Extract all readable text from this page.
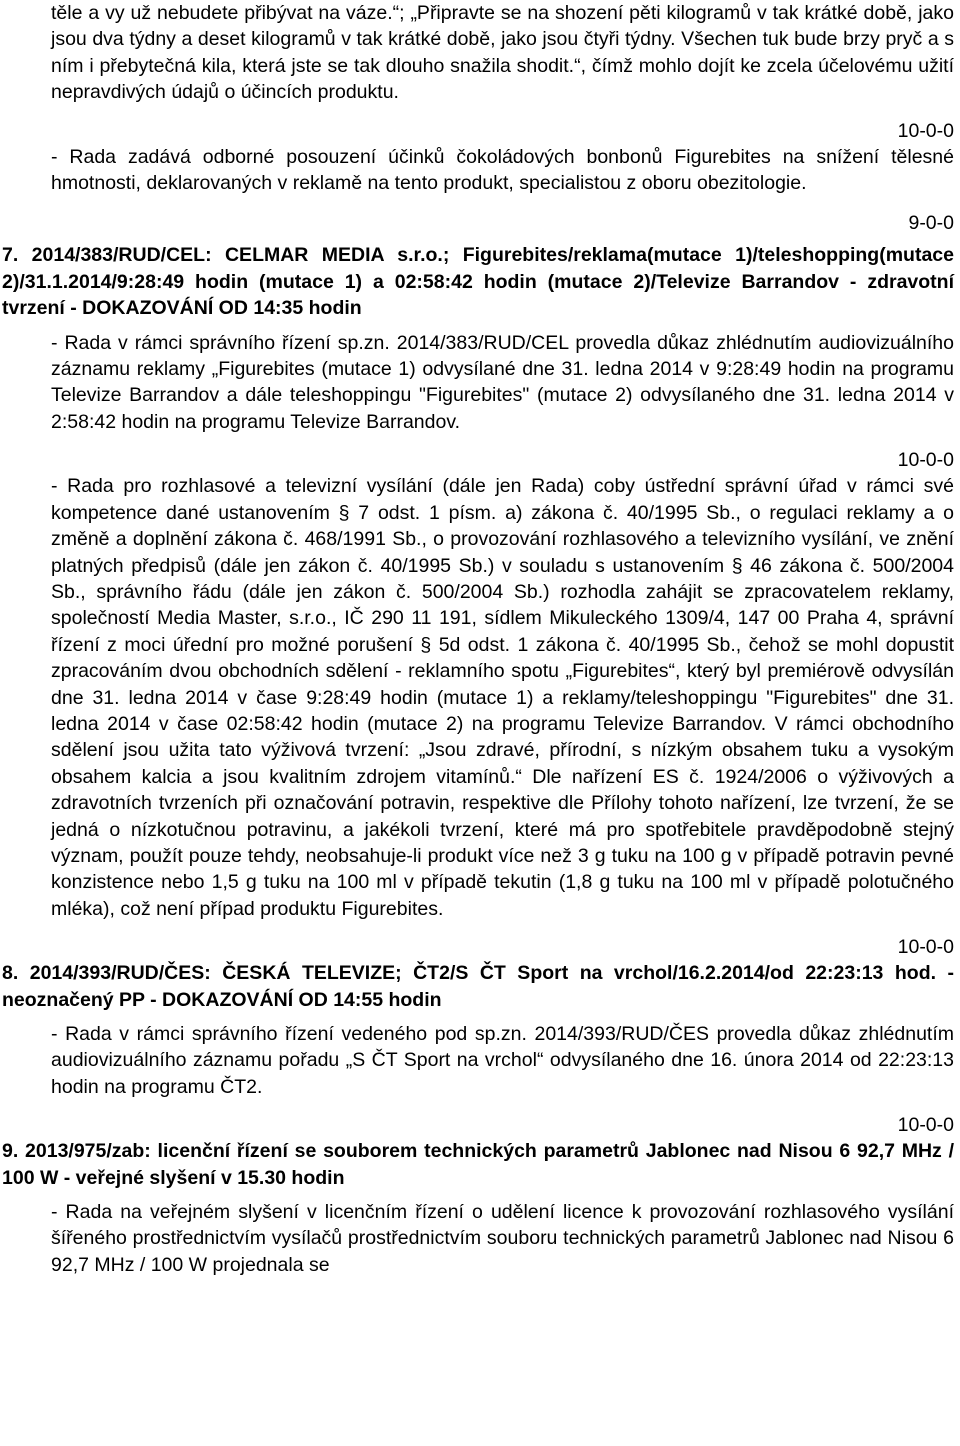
těle a vy už nebudete přibývat na váze.“; „Připravte se na shození pěti kilogramů v tak krátké době, jako jsou dva týdny a deset kilogramů v tak krátké době, jako jsou čtyři týdny. Všechen tuk bude brzy pryč a s ním i přebytečná kila, která jste se tak dlouho snažila shodit.“, čímž mohlo dojít ke zcela účelovému užití nepravdivých údajů o účincích produktu.

10-0-0

- Rada zadává odborné posouzení účinků čokoládových bonbonů Figurebites na snížení tělesné hmotnosti, deklarovaných v reklamě na tento produkt, specialistou z oboru obezitologie.

9-0-0

7. 2014/383/RUD/CEL: CELMAR MEDIA s.r.o.; Figurebites/reklama(mutace 1)/teleshopping(mutace 2)/31.1.2014/9:28:49 hodin (mutace 1) a 02:58:42 hodin (mutace 2)/Televize Barrandov - zdravotní tvrzení - DOKAZOVÁNÍ OD 14:35 hodin

- Rada v rámci správního řízení sp.zn. 2014/383/RUD/CEL provedla důkaz zhlédnutím audiovizuálního záznamu reklamy „Figurebites (mutace 1) odvysílané dne 31. ledna 2014 v 9:28:49 hodin na programu Televize Barrandov a dále teleshoppingu "Figurebites" (mutace 2) odvysílaného dne 31. ledna 2014 v 2:58:42 hodin na programu Televize Barrandov.

10-0-0

- Rada pro rozhlasové a televizní vysílání (dále jen Rada) coby ústřední správní úřad v rámci své kompetence dané ustanovením § 7 odst. 1 písm. a) zákona č. 40/1995 Sb., o regulaci reklamy a o změně a doplnění zákona č. 468/1991 Sb., o provozování rozhlasového a televizního vysílání, ve znění platných předpisů (dále jen zákon č. 40/1995 Sb.) v souladu s ustanovením § 46 zákona č. 500/2004 Sb., správního řádu (dále jen zákon č. 500/2004 Sb.) rozhodla zahájit se zpracovatelem reklamy, společností Media Master, s.r.o., IČ 290 11 191, sídlem Mikuleckého 1309/4, 147 00 Praha 4, správní řízení z moci úřední pro možné porušení § 5d odst. 1 zákona č. 40/1995 Sb., čehož se mohl dopustit zpracováním dvou obchodních sdělení - reklamního spotu „Figurebites“, který byl premiérově odvysílán dne 31. ledna 2014 v čase 9:28:49 hodin (mutace 1) a reklamy/teleshoppingu "Figurebites" dne 31. ledna 2014 v čase 02:58:42 hodin (mutace 2) na programu Televize Barrandov. V rámci obchodního sdělení jsou užita tato výživová tvrzení: „Jsou zdravé, přírodní, s nízkým obsahem tuku a vysokým obsahem kalcia a jsou kvalitním zdrojem vitamínů.“ Dle nařízení ES č. 1924/2006 o výživových a zdravotních tvrzeních při označování potravin, respektive dle Přílohy tohoto nařízení, lze tvrzení, že se jedná o nízkotučnou potravinu, a jakékoli tvrzení, které má pro spotřebitele pravděpodobně stejný význam, použít pouze tehdy, neobsahuje-li produkt více než 3 g tuku na 100 g v případě potravin pevné konzistence nebo 1,5 g tuku na 100 ml v případě tekutin (1,8 g tuku na 100 ml v případě polotučného mléka), což není případ produktu Figurebites.

10-0-0

8. 2014/393/RUD/ČES: ČESKÁ TELEVIZE; ČT2/S ČT Sport na vrchol/16.2.2014/od 22:23:13 hod. - neoznačený PP - DOKAZOVÁNÍ OD 14:55 hodin

- Rada v rámci správního řízení vedeného pod sp.zn. 2014/393/RUD/ČES provedla důkaz zhlédnutím audiovizuálního záznamu pořadu „S ČT Sport na vrchol“ odvysílaného dne 16. února 2014 od 22:23:13 hodin na programu ČT2.

10-0-0

9. 2013/975/zab: licenční řízení se souborem technických parametrů Jablonec nad Nisou 6 92,7 MHz / 100 W - veřejné slyšení v 15.30 hodin

- Rada na veřejném slyšení v licenčním řízení o udělení licence k provozování rozhlasového vysílání šířeného prostřednictvím vysílačů prostřednictvím souboru technických parametrů Jablonec nad Nisou 6 92,7 MHz / 100 W projednala se
